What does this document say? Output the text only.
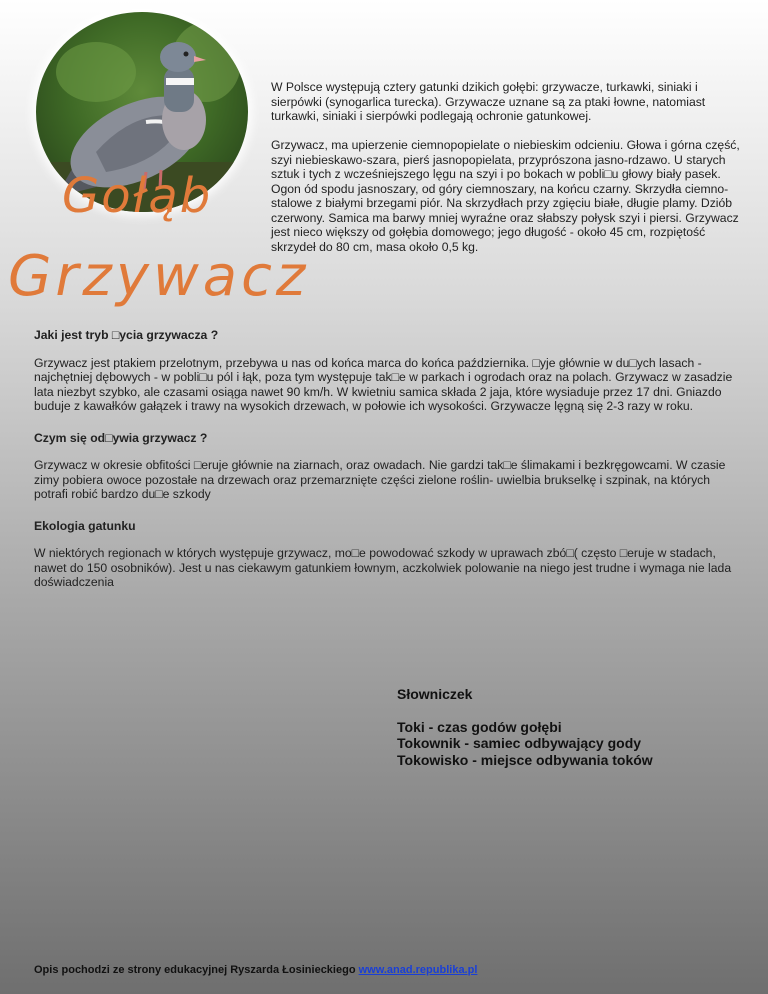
Gołąb
Grzywacz

W Polsce występują cztery gatunki dzikich gołębi: grzywacze, turkawki, siniaki i sierpówki (synogarlica turecka). Grzywacze uznane są za ptaki łowne, natomiast turkawki, siniaki i sierpówki podlegają ochronie gatunkowej.

Grzywacz, ma upierzenie ciemnopopielate o niebieskim odcieniu. Głowa i górna część, szyi niebieskawo-szara, pierś jasnopopielata, przyprószona jasno-rdzawo. U starych sztuk i tych z wcześniejszego lęgu na szyi i po bokach w pobli□u głowy biały pasek. Ogon ód spodu jasnoszary, od góry ciemnoszary, na końcu czarny. Skrzydła ciemno-stalowe z białymi brzegami piór. Na skrzydłach przy zgięciu białe, długie plamy. Dziób czerwony. Samica ma barwy mniej wyraźne oraz słabszy połysk szyi i piersi. Grzywacz jest nieco większy od gołębia domowego; jego długość - około 45 cm, rozpiętość skrzydeł do 80 cm, masa około 0,5 kg.

Jaki jest tryb □ycia grzywacza ?

Grzywacz jest ptakiem przelotnym, przebywa u nas od końca marca do końca października. □yje głównie w du□ych lasach - najchętniej dębowych - w pobli□u pól i łąk, poza tym występuje tak□e w parkach i ogrodach oraz na polach. Grzywacz w zasadzie lata niezbyt szybko, ale czasami osiąga nawet 90 km/h. W kwietniu samica składa 2 jaja, które wysiaduje przez 17 dni. Gniazdo buduje z kawałków gałązek i trawy na wysokich drzewach, w połowie ich wysokości. Grzywacze lęgną się 2-3 razy w roku.

Czym się od□ywia grzywacz ?

Grzywacz w okresie obfitości □eruje głównie na ziarnach, oraz owadach. Nie gardzi tak□e ślimakami i bezkręgowcami. W czasie zimy pobiera owoce pozostałe na drzewach oraz przemarznięte części zielone roślin- uwielbia brukselkę i szpinak, na których potrafi robić bardzo du□e szkody

Ekologia gatunku

W niektórych regionach w których występuje grzywacz, mo□e powodować szkody w uprawach zbó□( często □eruje w stadach, nawet do 150 osobników). Jest u nas ciekawym gatunkiem łownym, aczkolwiek polowanie na niego jest trudne i wymaga nie lada doświadczenia

Słowniczek
Toki - czas godów gołębi
Tokownik - samiec odbywający gody
Tokowisko - miejsce odbywania toków
Opis pochodzi ze strony edukacyjnej Ryszarda Łosinieckiego www.anad.republika.pl
